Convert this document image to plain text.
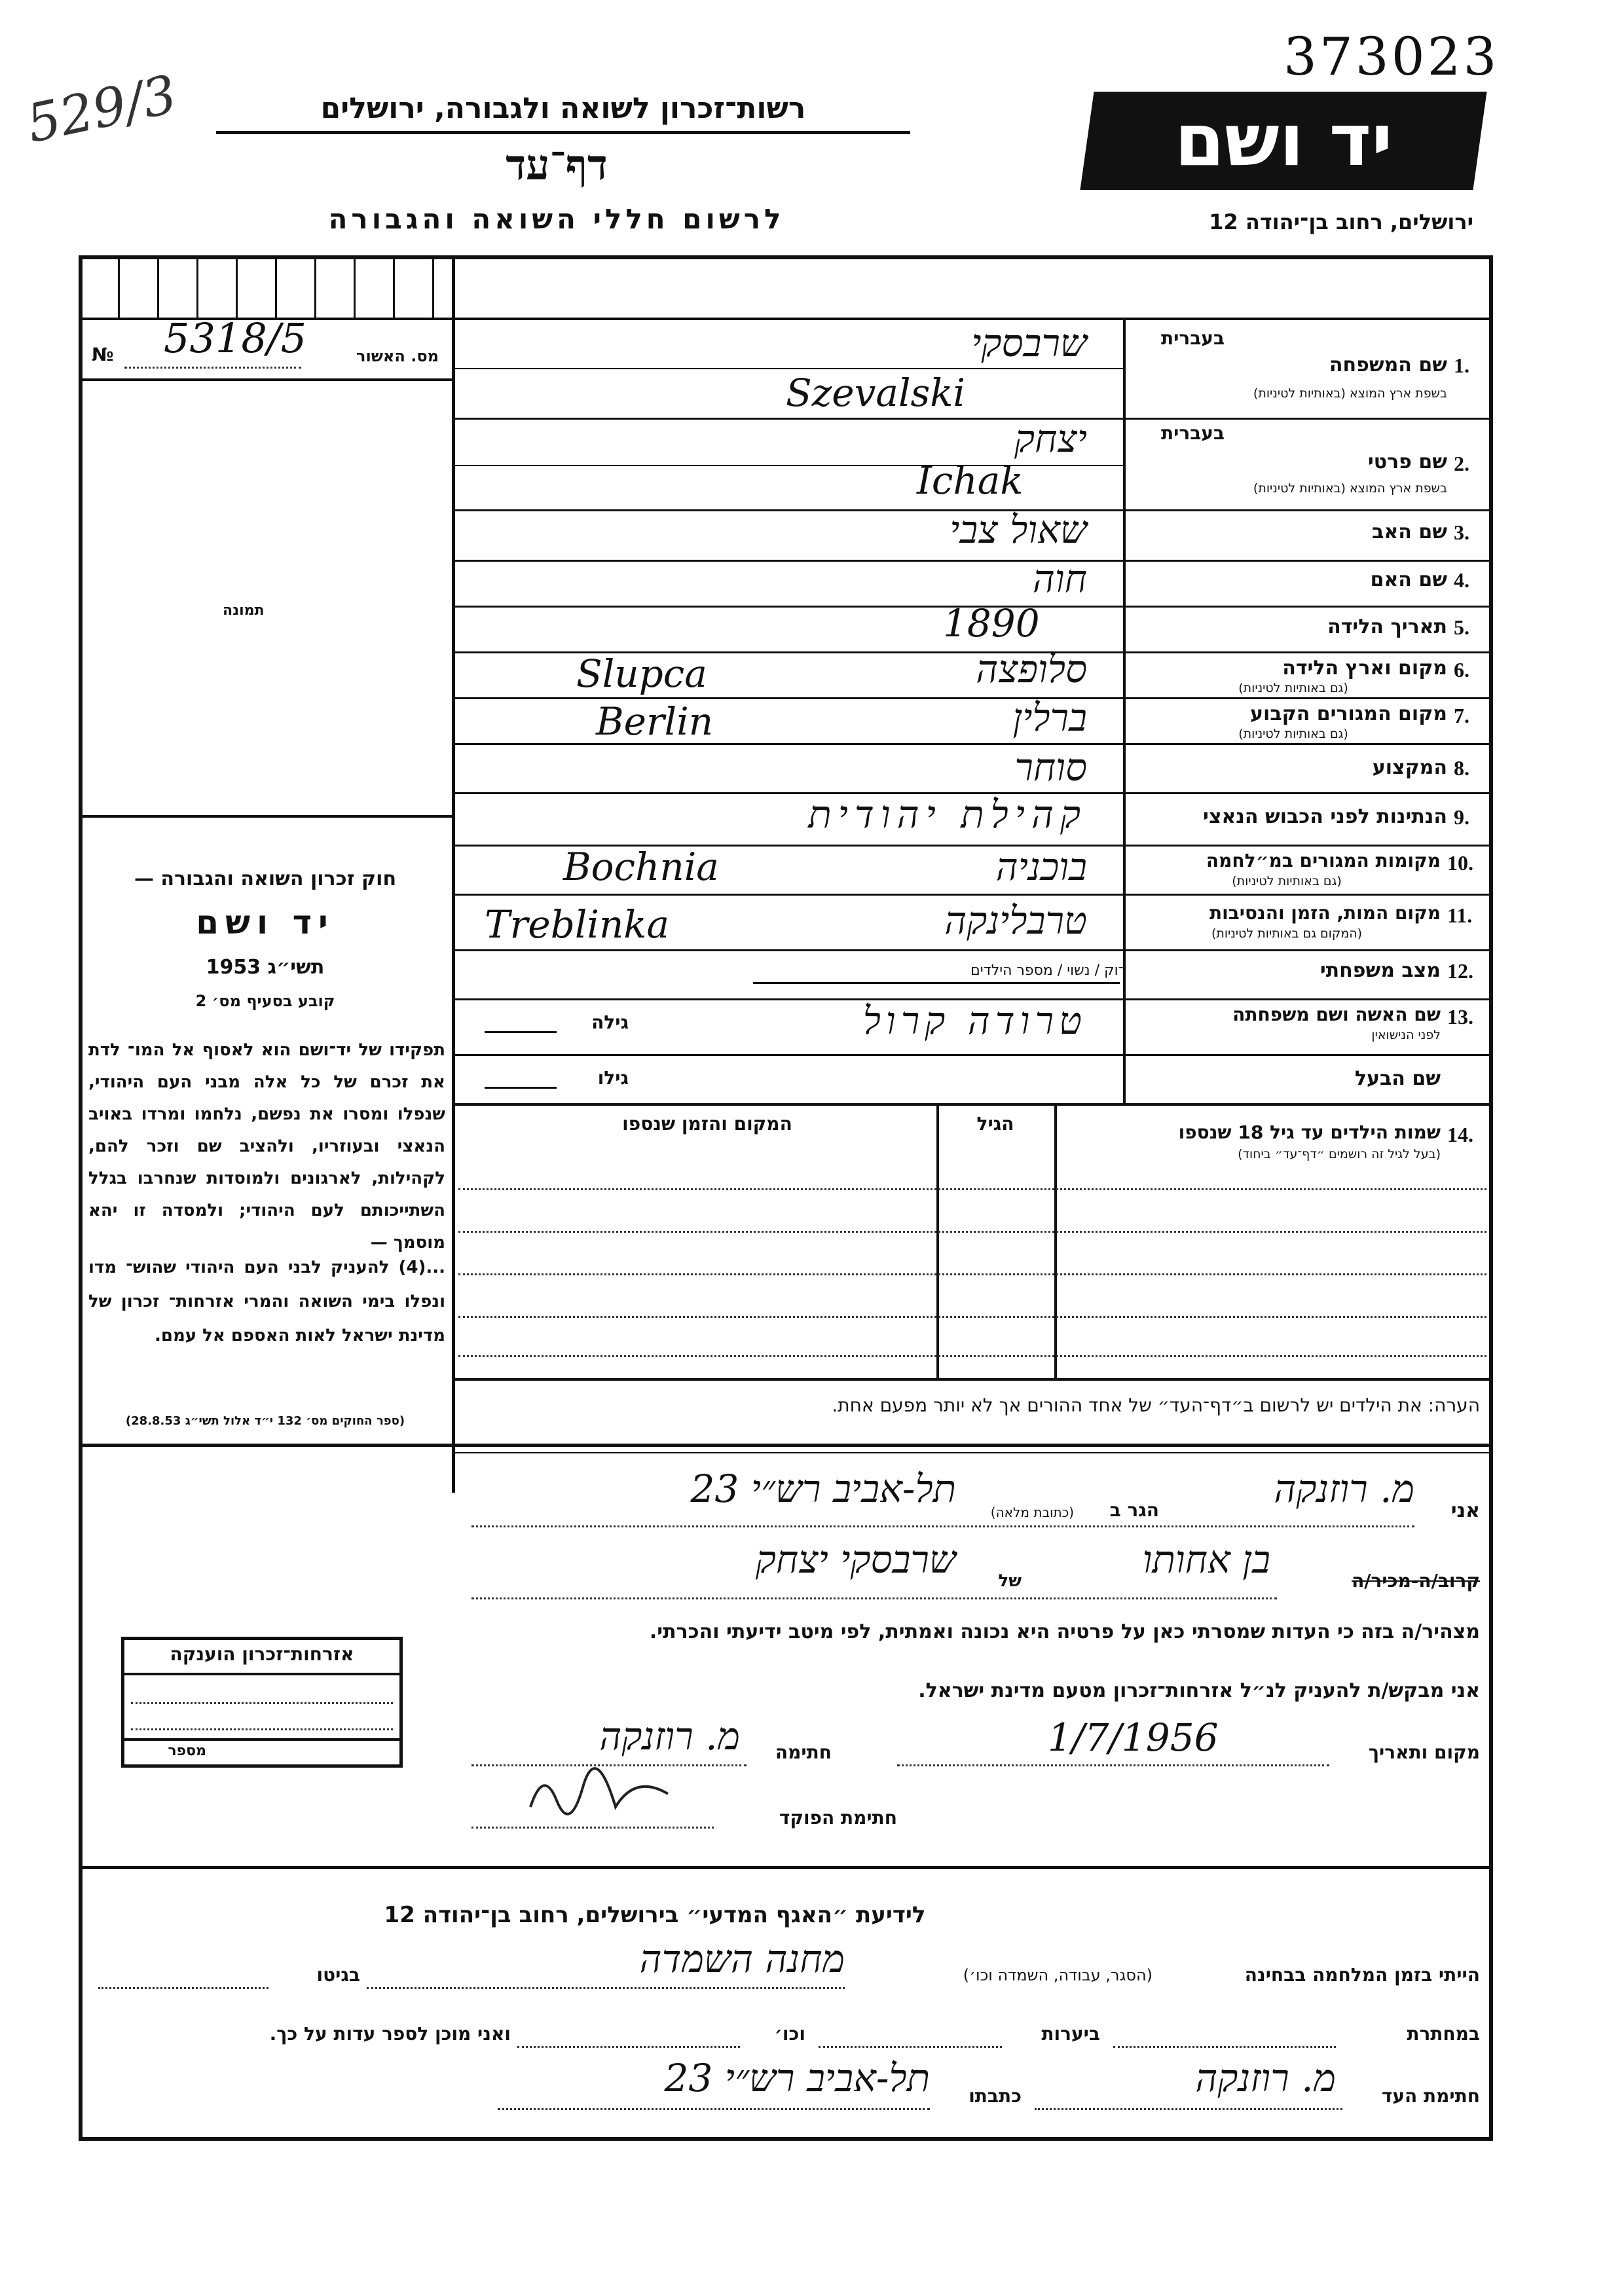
529/3
373023
רשות־זכרון לשואה ולגבורה, ירושלים
דף־עד
לרשום חללי השואה והגבורה
יד ושם
ירושלים, רחוב בן־יהודה 12
מס. האשור
№ 5318/5
תמונה
בעברית
1.
שם המשפחה
בשפת ארץ המוצא (באותיות לטיניות)
שרבסקי
Szevalski
בעברית
2.
שם פרטי
בשפת ארץ המוצא (באותיות לטיניות)
יצחק
Ichak
3.
שם האב
שאול צבי
4.
שם האם
חוה
5.
תאריך הלידה
1890
6.
מקום וארץ הלידה
(גם באותיות לטיניות)
סלופצה
Slupca
7.
מקום המגורים הקבוע
(גם באותיות לטיניות)
ברלין
Berlin
8.
המקצוע
סוחר
9.
הנתינות לפני הכבוש הנאצי
קהילת יהודית
10.
מקומות המגורים במ״לחמה
(גם באותיות לטיניות)
בוכניה
Bochnia
11.
מקום המות, הזמן והנסיבות
(המקום גם באותיות לטיניות)
טרבלינקה
Treblinka
12.
מצב משפחתי
רוק / נשוי / מספר הילדים
13.
שם האשה ושם משפחתה
לפני הנישואין
טרודה קרול
גילה
שם הבעל
גילו
14.
שמות הילדים עד גיל 18 שנספו
(בעל לגיל זה רושמים ״דף־עד״ ביחוד)
הגיל
המקום והזמן שנספו
הערה: את הילדים יש לרשום ב״דף־העד״ של אחד ההורים אך לא יותר מפעם אחת.
חוק זכרון השואה והגבורה —
יד ושם
תשי״ג 1953
קובע בסעיף מס׳ 2
תפקידו של יד־ושם הוא לאסוף אל המו־ לדת את זכרם של כל אלה מבני העם היהודי, שנפלו ומסרו את נפשם, נלחמו ומרדו באויב הנאצי ובעוזריו, ולהציב שם וזכר להם, לקהילות, לארגונים ולמוסדות שנחרבו בגלל השתייכותם לעם היהודי; ולמסדה זו יהא מוסמך —
...(4) להעניק לבני העם היהודי שהוש־ מדו ונפלו בימי השואה והמרי אזרחות־ זכרון של מדינת ישראל לאות האספם אל עמם.
(ספר החוקים מס׳ 132 י״ד אלול תשי״ג 28.8.53)
אני
מ. רוזנקה
הגר ב
(כתובת מלאה)
תל-אביב רש״י 23
קרוב/ה-מכיר/ה
בן אחותו
של
שרבסקי יצחק
מצהיר/ה בזה כי העדות שמסרתי כאן על פרטיה היא נכונה ואמתית, לפי מיטב ידיעתי והכרתי.
אני מבקש/ת להעניק לנ״ל אזרחות־זכרון מטעם מדינת ישראל.
מקום ותאריך
1/7/1956
חתימה
מ. רוזנקה
חתימת הפוקד
אזרחות־זכרון הוענקה
מספר
לידיעת ״האגף המדעי״ בירושלים, רחוב בן־יהודה 12
הייתי בזמן המלחמה בבחינה
(הסגר, עבודה, השמדה וכו׳)
מחנה השמדה
בגיטו
במחתרת
ביערות
וכו׳
ואני מוכן לספר עדות על כך.
חתימת העד
מ. רוזנקה
כתבתו
תל-אביב רש״י 23
